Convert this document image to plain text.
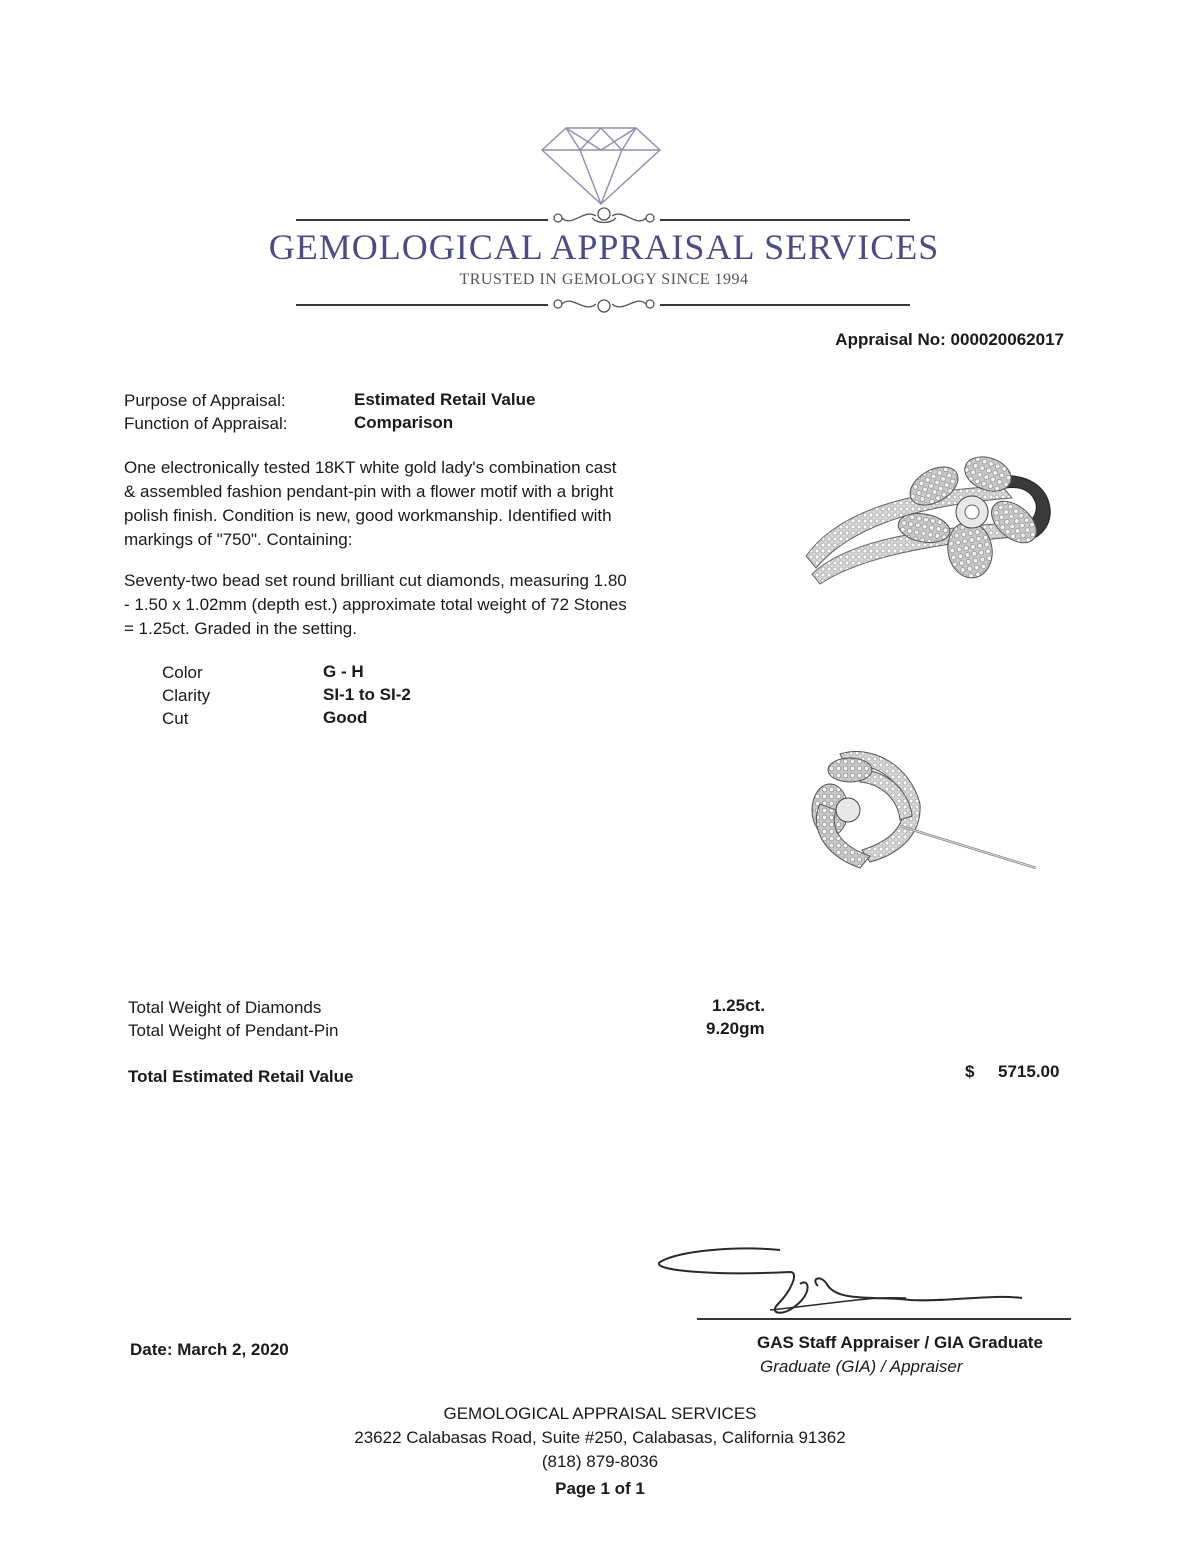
GEMOLOGICAL APPRAISAL SERVICES
TRUSTED IN GEMOLOGY SINCE 1994
Appraisal No: 000020062017
Purpose of Appraisal:	Estimated Retail Value
Function of Appraisal:	Comparison
One electronically tested 18KT white gold lady's combination cast
& assembled fashion pendant-pin with a flower motif with a bright
polish finish. Condition is new, good workmanship. Identified with
markings of "750". Containing:
Seventy-two bead set round brilliant cut diamonds, measuring 1.80
- 1.50 x 1.02mm (depth est.) approximate total weight of 72 Stones
= 1.25ct. Graded in the setting.
Color	G - H
Clarity	SI-1 to SI-2
Cut	Good
Total Weight of Diamonds	1.25ct.
Total Weight of Pendant-Pin	9.20gm
Total Estimated Retail Value	$ 5715.00
Date: March 2, 2020	GAS Staff Appraiser / GIA Graduate
Graduate (GIA) / Appraiser
GEMOLOGICAL APPRAISAL SERVICES
23622 Calabasas Road, Suite #250, Calabasas, California 91362
(818) 879-8036
Page 1 of 1
